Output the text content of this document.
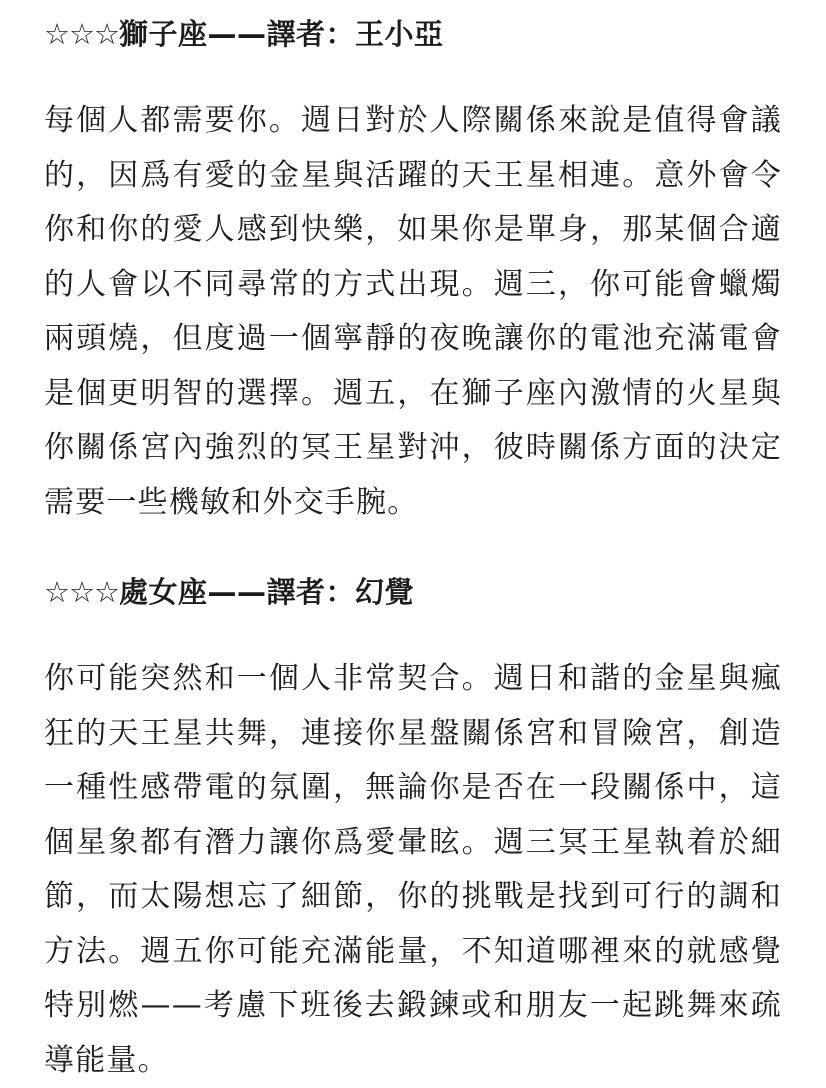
☆☆☆獅子座——譯者：王小亞

每個人都需要你。週日對於人際關係來說是值得會議的，因爲有愛的金星與活躍的天王星相連。意外會令你和你的愛人感到快樂，如果你是單身，那某個合適的人會以不同尋常的方式出現。週三，你可能會蠟燭兩頭燒，但度過一個寧靜的夜晚讓你的電池充滿電會是個更明智的選擇。週五，在獅子座內激情的火星與你關係宮內強烈的冥王星對沖，彼時關係方面的決定需要一些機敏和外交手腕。

☆☆☆處女座——譯者：幻覺

你可能突然和一個人非常契合。週日和諧的金星與瘋狂的天王星共舞，連接你星盤關係宮和冒險宮，創造一種性感帶電的氛圍，無論你是否在一段關係中，這個星象都有潛力讓你爲愛暈眩。週三冥王星執着於細節，而太陽想忘了細節，你的挑戰是找到可行的調和方法。週五你可能充滿能量，不知道哪裡來的就感覺特別燃——考慮下班後去鍛鍊或和朋友一起跳舞來疏導能量。
